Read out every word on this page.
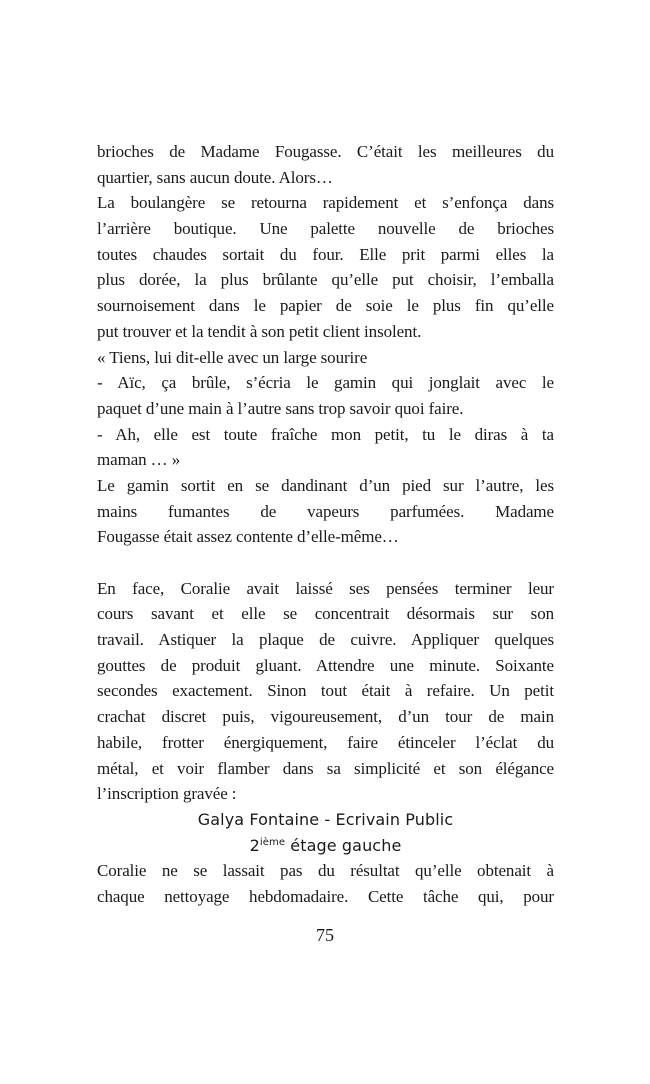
brioches de Madame Fougasse. C’était les meilleures du
quartier, sans aucun doute. Alors…
La boulangère se retourna rapidement et s’enfonça dans
l’arrière boutique. Une palette nouvelle de brioches
toutes chaudes sortait du four. Elle prit parmi elles la
plus dorée, la plus brûlante qu’elle put choisir, l’emballa
sournoisement dans le papier de soie le plus fin qu’elle
put trouver et la tendit à son petit client insolent.
« Tiens, lui dit-elle avec un large sourire
- Aïc, ça brûle, s’écria le gamin qui jonglait avec le
paquet d’une main à l’autre sans trop savoir quoi faire.
- Ah, elle est toute fraîche mon petit, tu le diras à ta
maman … »
Le gamin sortit en se dandinant d’un pied sur l’autre, les
mains fumantes de vapeurs parfumées. Madame
Fougasse était assez contente d’elle-même…
En face, Coralie avait laissé ses pensées terminer leur
cours savant et elle se concentrait désormais sur son
travail. Astiquer la plaque de cuivre. Appliquer quelques
gouttes de produit gluant. Attendre une minute. Soixante
secondes exactement. Sinon tout était à refaire. Un petit
crachat discret puis, vigoureusement, d’un tour de main
habile, frotter énergiquement, faire étinceler l’éclat du
métal, et voir flamber dans sa simplicité et son élégance
l’inscription gravée :
Galya Fontaine - Ecrivain Public
2ième étage gauche
Coralie ne se lassait pas du résultat qu’elle obtenait à
chaque nettoyage hebdomadaire. Cette tâche qui, pour
75
